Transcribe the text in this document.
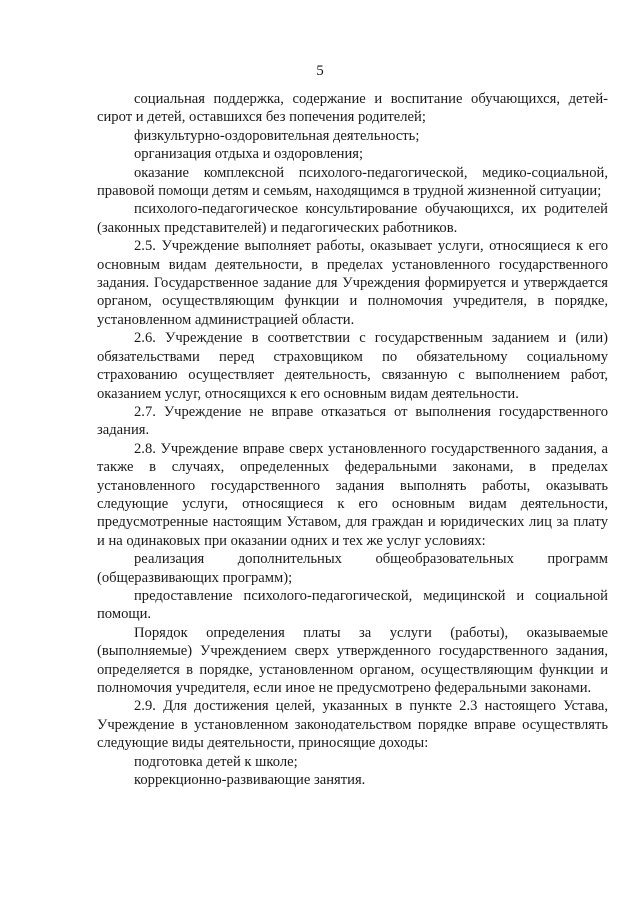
5

социальная поддержка, содержание и воспитание обучающихся, детей-сирот и детей, оставшихся без попечения родителей;

физкультурно-оздоровительная деятельность;

организация отдыха и оздоровления;

оказание комплексной психолого-педагогической, медико-социальной, правовой помощи детям и семьям, находящимся в трудной жизненной ситуации;

психолого-педагогическое консультирование обучающихся, их родителей (законных представителей) и педагогических работников.

2.5. Учреждение выполняет работы, оказывает услуги, относящиеся к его основным видам деятельности, в пределах установленного государственного задания. Государственное задание для Учреждения формируется и утверждается органом, осуществляющим функции и полномочия учредителя, в порядке, установленном администрацией области.

2.6. Учреждение в соответствии с государственным заданием и (или) обязательствами перед страховщиком по обязательному социальному страхованию осуществляет деятельность, связанную с выполнением работ, оказанием услуг, относящихся к его основным видам деятельности.

2.7. Учреждение не вправе отказаться от выполнения государственного задания.

2.8. Учреждение вправе сверх установленного государственного задания, а также в случаях, определенных федеральными законами, в пределах установленного государственного задания выполнять работы, оказывать следующие услуги, относящиеся к его основным видам деятельности, предусмотренные настоящим Уставом, для граждан и юридических лиц за плату и на одинаковых при оказании одних и тех же услуг условиях:

реализация дополнительных общеобразовательных программ (общеразвивающих программ);

предоставление психолого-педагогической, медицинской и социальной помощи.

Порядок определения платы за услуги (работы), оказываемые (выполняемые) Учреждением сверх утвержденного государственного задания, определяется в порядке, установленном органом, осуществляющим функции и полномочия учредителя, если иное не предусмотрено федеральными законами.

2.9. Для достижения целей, указанных в пункте 2.3 настоящего Устава, Учреждение в установленном законодательством порядке вправе осуществлять следующие виды деятельности, приносящие доходы:

подготовка детей к школе;

коррекционно-развивающие занятия.
